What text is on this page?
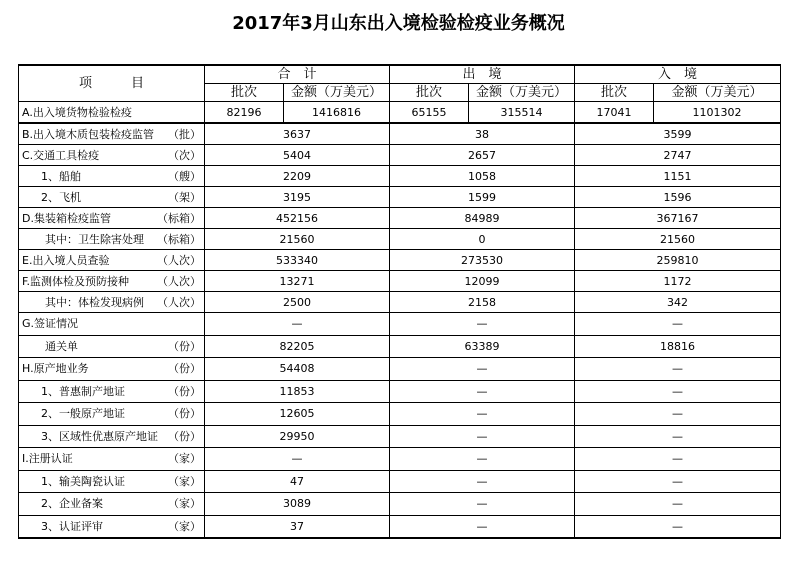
2017年3月山东出入境检验检疫业务概况
项　　　目	合　计		出　境		入　境	
	批次	金额（万美元）	批次	金额（万美元）	批次	金额（万美元）
A.出入境货物检验检疫	82196	1416816	65155	315514	17041	1101302

B.出入境木质包装检疫监管 （批）	3637		38		3599	

C.交通工具检疫 （次）	5404		2657		2747	

1、船舶 （艘）	2209		1058		1151	

2、飞机 （架）	3195		1599		1596	

D.集装箱检疫监管 （标箱）	452156		84989		367167	

其中：卫生除害处理 （标箱）	21560		0		21560	

E.出入境人员查验 （人次）	533340		273530		259810	

F.监测体检及预防接种 （人次）	13271		12099		1172	

其中：体检发现病例 （人次）	2500		2158		342	

G.签证情况	—		—		—	

通关单 （份）	82205		63389		18816	

H.原产地业务 （份）	54408		—		—	

1、普惠制产地证 （份）	11853		—		—	

2、一般原产地证 （份）	12605		—		—	

3、区域性优惠原产地证 （份）	29950		—		—	

I.注册认证 （家）	—		—		—	

1、输美陶瓷认证 （家）	47		—		—	

2、企业备案 （家）	3089		—		—	

3、认证评审 （家）	37		—		—	
